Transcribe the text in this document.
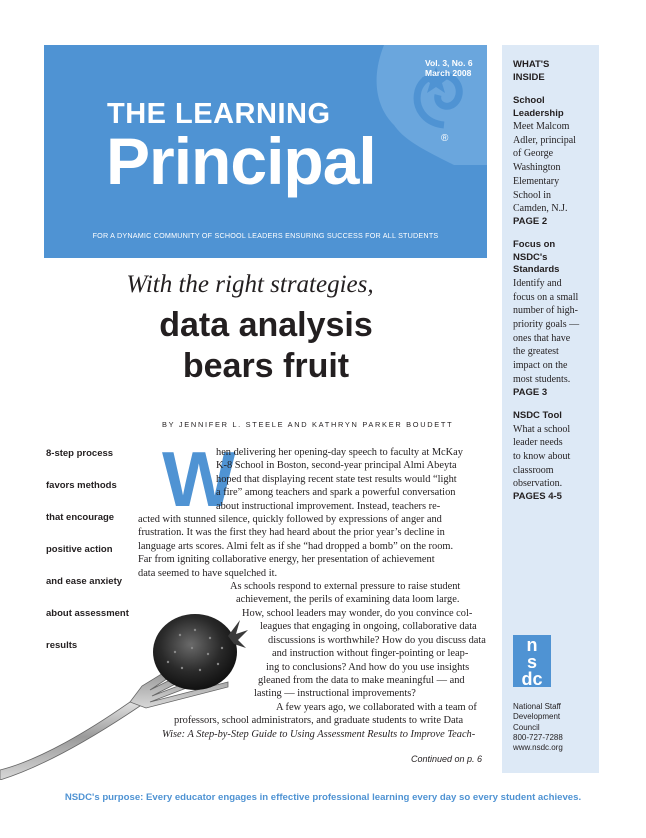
Vol. 3, No. 6
March 2008
THE LEARNING
Principal	®
FOR A DYNAMIC COMMUNITY OF SCHOOL LEADERS ENSURING SUCCESS FOR ALL STUDENTS
WHAT'S
INSIDE
School
Leadership
Meet Malcom
Adler, principal
of George
Washington
Elementary
School in
Camden, N.J.
PAGE 2
Focus on
NSDC's
Standards
Identify and
focus on a small
number of high-
priority goals —
ones that have
the greatest
impact on the
most students.
PAGE 3
NSDC Tool
What a school
leader needs
to know about
classroom
observation.
PAGES 4-5
n
s
dc
National Staff
Development
Council
800-727-7288
www.nsdc.org
With the right strategies,
data analysis
bears fruit
BY JENNIFER L. STEELE AND KATHRYN PARKER BOUDETT
8-step process
favors methods
that encourage
positive action
and ease anxiety
about assessment
results
W
hen delivering her opening-day speech to faculty at McKay
K-8 School in Boston, second-year principal Almi Abeyta
hoped that displaying recent state test results would “light
a fire” among teachers and spark a powerful conversation
about instructional improvement. Instead, teachers re-
acted with stunned silence, quickly followed by expressions of anger and
frustration. It was the first they had heard about the prior year’s decline in
language arts scores. Almi felt as if she “had dropped a bomb” on the room.
Far from igniting collaborative energy, her presentation of achievement
data seemed to have squelched it.
As schools respond to external pressure to raise student
achievement, the perils of examining data loom large.
How, school leaders may wonder, do you convince col-
leagues that engaging in ongoing, collaborative data
discussions is worthwhile? How do you discuss data
and instruction without finger-pointing or leap-
ing to conclusions? And how do you use insights
gleaned from the data to make meaningful — and
lasting — instructional improvements?
A few years ago, we collaborated with a team of
professors, school administrators, and graduate students to write Data
Wise: A Step-by-Step Guide to Using Assessment Results to Improve Teach-
Continued on p. 6
NSDC's purpose: Every educator engages in effective professional learning every day so every student achieves.
